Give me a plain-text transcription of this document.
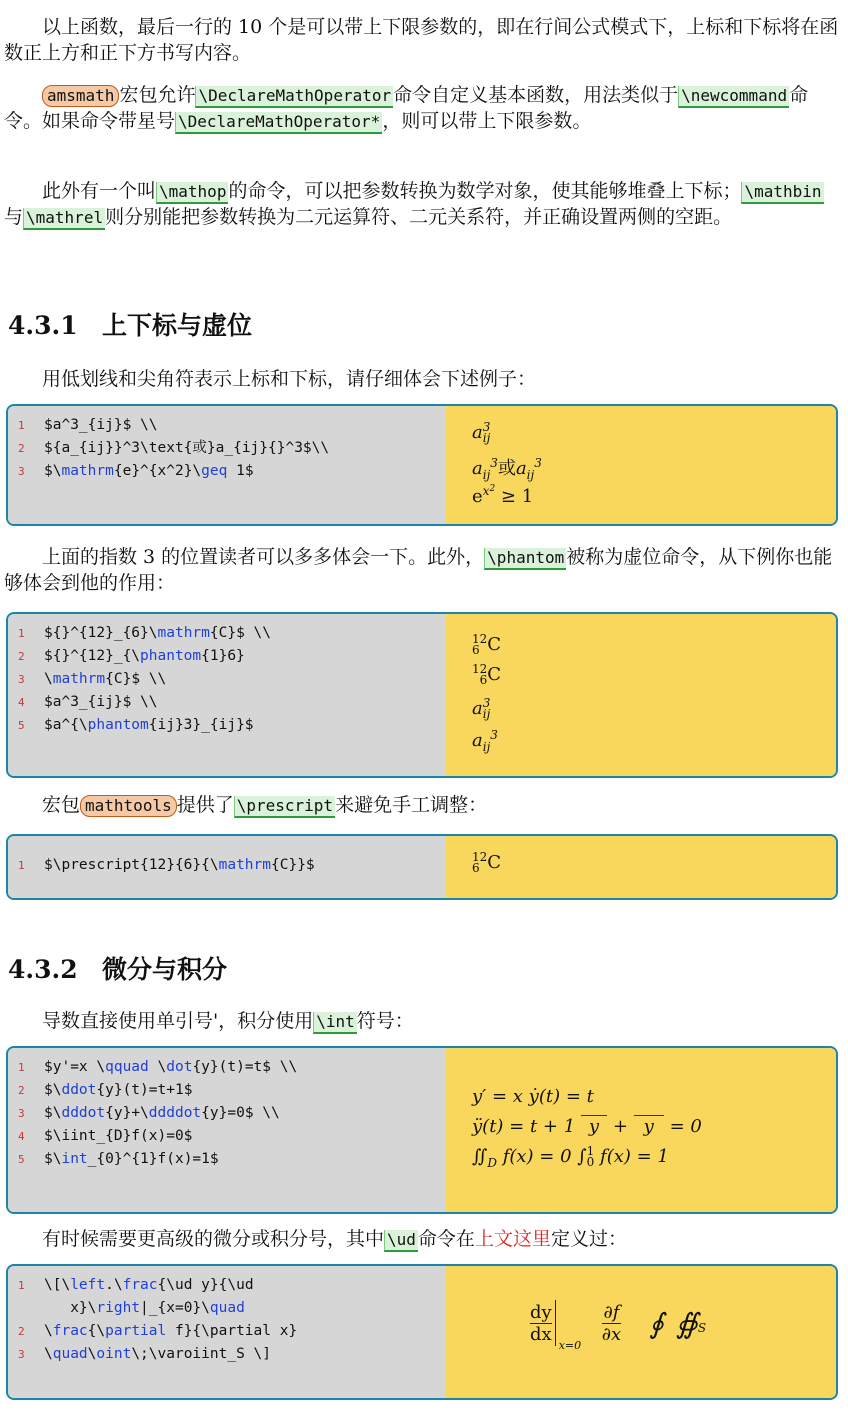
以上函数，最后一行的 10 个是可以带上下限参数的，即在行间公式模式下，上标和下标将在函数正上方和正下方书写内容。
amsmath 宏包允许 \DeclareMathOperator 命令自定义基本函数，用法类似于 \newcommand 命令。如果命令带星号 \DeclareMathOperator* ，则可以带上下限参数。
此外有一个叫 \mathop 的命令，可以把参数转换为数学对象，使其能够堆叠上下标； \mathbin与 \mathrel 则分别能把参数转换为二元运算符、二元关系符，并正确设置两侧的空距。
4.3.1 上下标与虚位
用低划线和尖角符表示上标和下标，请仔细体会下述例子：
1 $a^3_{ij}$ \\
2 ${a_{ij}}^3\text{或}a_{ij}{}^3$\\
3 $\mathrm{e}^{x^2}\geq 1$
a 3
ij
$a_{ij}^3$或$a_{ij}^3$
$e^{x^2} \ge 1$
上面的指数 3 的位置读者可以多多体会一下。此外， \phantom 被称为虚位命令，从下例你也能够体会到他的作用：
1 ${}^{12}_{6}\mathrm{C}$ \\
2 ${}^{12}_{\phantom{1}6}
3 \mathrm{C}$ \\
4 $a^3_{ij}$ \\
5 $a^{\phantom{ij}3}_{ij}$
12
6 C
12
6 C
a 3
ij
$a_{ij}^3$
宏包 mathtools 提供了 \prescript 来避免手工调整：
1 $\prescript{12}{6}{\mathrm{C}}$	12
6 C
4.3.2 微分与积分
导数直接使用单引号'，积分使用 \int 符号：
1 $y'=x \qquad \dot{y}(t)=t$ \\
2 $\ddot{y}(t)=t+1$
3 $\dddot{y}+\ddddot{y}=0$ \\
4 $\iint_{D}f(x)=0$
5 $\int_{0}^{1}f(x)=1$
y′ = x ẏ(t) = t
ÿ(t) = t + 1 y + y = 0
$∬_D$ f(x) = 0 ∫ 1
0 f(x) = 1
有时候需要更高级的微分或积分号，其中 \ud 命令在上文这里定义过：
1 \[\left.\frac{\ud y}{\ud
x}\right|_{x=0}\quad
2 \frac{\partial f}{\partial x}
3 \quad\oint\;\varoiint_S \]
dy
dx
x=0
∂f
∂x ∮ ∯ S
